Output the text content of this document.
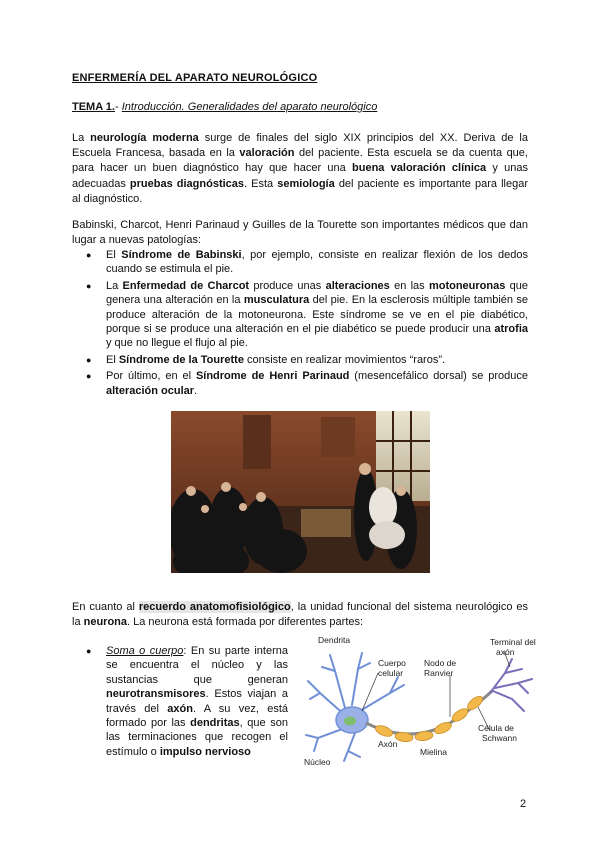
ENFERMERÍA DEL APARATO NEUROLÓGICO
TEMA 1.- Introducción. Generalidades del aparato neurológico
La neurología moderna surge de finales del siglo XIX principios del XX. Deriva de la Escuela Francesa, basada en la valoración del paciente. Esta escuela se da cuenta que, para hacer un buen diagnóstico hay que hacer una buena valoración clínica y unas adecuadas pruebas diagnósticas. Esta semiología del paciente es importante para llegar al diagnóstico.
Babinski, Charcot, Henri Parinaud y Guilles de la Tourette son importantes médicos que dan lugar a nuevas patologías:
● El Síndrome de Babinski, por ejemplo, consiste en realizar flexión de los dedos cuando se estimula el pie.
● La Enfermedad de Charcot produce unas alteraciones en las motoneuronas que genera una alteración en la musculatura del pie. En la esclerosis múltiple también se produce alteración de la motoneurona. Este síndrome se ve en el pie diabético, porque si se produce una alteración en el pie diabético se puede producir una atrofia y que no llegue el flujo al pie.
● El Síndrome de la Tourette consiste en realizar movimientos “raros”.
● Por último, en el Síndrome de Henri Parinaud (mesencefálico dorsal) se produce alteración ocular.
En cuanto al recuerdo anatomofisiológico, la unidad funcional del sistema neurológico es la neurona. La neurona está formada por diferentes partes:
● Soma o cuerpo: En su parte interna se encuentra el núcleo y las sustancias que generan neurotransmisores. Estos viajan a través del axón. A su vez, está formado por las dendritas, que son las terminaciones que recogen el estímulo o impulso nervioso
Dendrita
Cuerpo
celular
Nodo de
Ranvier
Terminal del
axón
Célula de
Schwann
Axón
Mielina
Núcleo
2
